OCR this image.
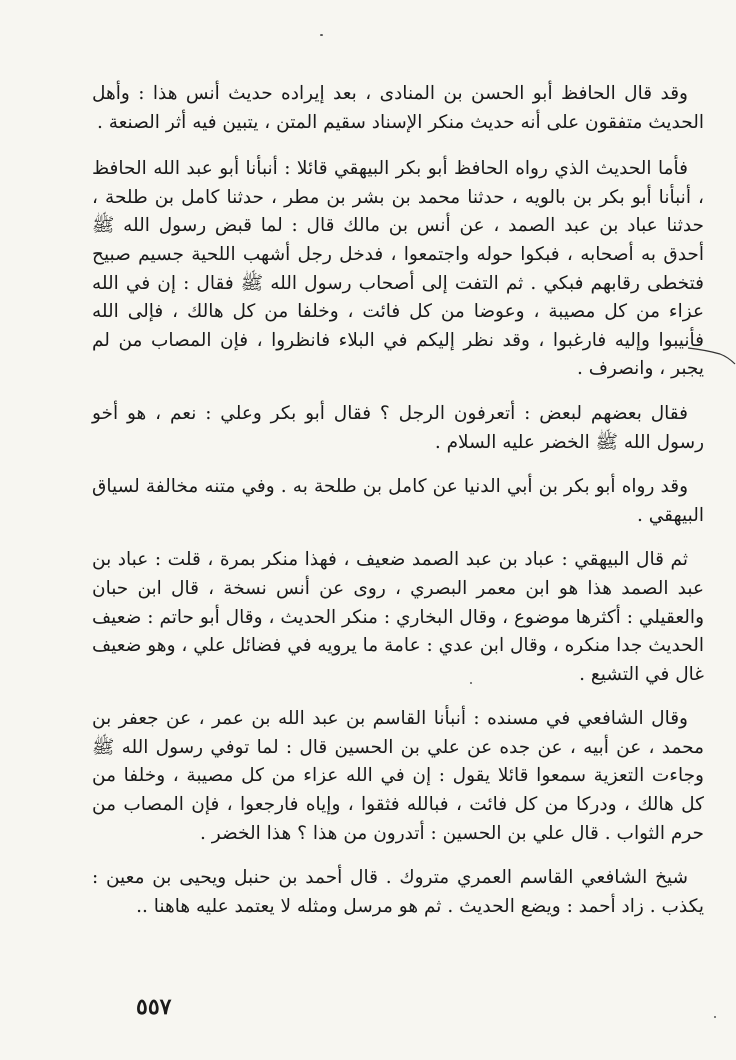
وقد قال الحافظ أبو الحسن بن المنادى ، بعد إيراده حديث أنس هذا : وأهل الحديث متفقون على أنه حديث منكر الإسناد سقيم المتن ، يتبين فيه أثر الصنعة .

فأما الحديث الذي رواه الحافظ أبو بكر البيهقي قائلا : أنبأنا أبو عبد الله الحافظ ، أنبأنا أبو بكر بن بالويه ، حدثنا محمد بن بشر بن مطر ، حدثنا كامل بن طلحة ، حدثنا عباد بن عبد الصمد ، عن أنس بن مالك قال : لما قبض رسول الله ﷺ أحدق به أصحابه ، فبكوا حوله واجتمعوا ، فدخل رجل أشهب اللحية جسيم صبيح فتخطى رقابهم فبكي . ثم التفت إلى أصحاب رسول الله ﷺ فقال : إن في الله عزاء من كل مصيبة ، وعوضا من كل فائت ، وخلفا من كل هالك ، فإلى الله فأنيبوا وإليه فارغبوا ، وقد نظر إليكم في البلاء فانظروا ، فإن المصاب من لم يجبر ، وانصرف .

فقال بعضهم لبعض : أتعرفون الرجل ؟ فقال أبو بكر وعلي : نعم ، هو أخو رسول الله ﷺ الخضر عليه السلام .

وقد رواه أبو بكر بن أبي الدنيا عن كامل بن طلحة به . وفي متنه مخالفة لسياق البيهقي .

ثم قال البيهقي : عباد بن عبد الصمد ضعيف ، فهذا منكر بمرة ، قلت : عباد بن عبد الصمد هذا هو ابن معمر البصري ، روى عن أنس نسخة ، قال ابن حبان والعقيلي : أكثرها موضوع ، وقال البخاري : منكر الحديث ، وقال أبو حاتم : ضعيف الحديث جدا منكره ، وقال ابن عدي : عامة ما يرويه في فضائل علي ، وهو ضعيف غال في التشيع .

وقال الشافعي في مسنده : أنبأنا القاسم بن عبد الله بن عمر ، عن جعفر بن محمد ، عن أبيه ، عن جده عن علي بن الحسين قال : لما توفي رسول الله ﷺ وجاءت التعزية سمعوا قائلا يقول : إن في الله عزاء من كل مصيبة ، وخلفا من كل هالك ، ودركا من كل فائت ، فبالله فثقوا ، وإياه فارجعوا ، فإن المصاب من حرم الثواب . قال علي بن الحسين : أتدرون من هذا ؟ هذا الخضر .

شيخ الشافعي القاسم العمري متروك . قال أحمد بن حنبل ويحيى بن معين : يكذب . زاد أحمد : ويضع الحديث . ثم هو مرسل ومثله لا يعتمد عليه هاهنا ..

٥٥٧
